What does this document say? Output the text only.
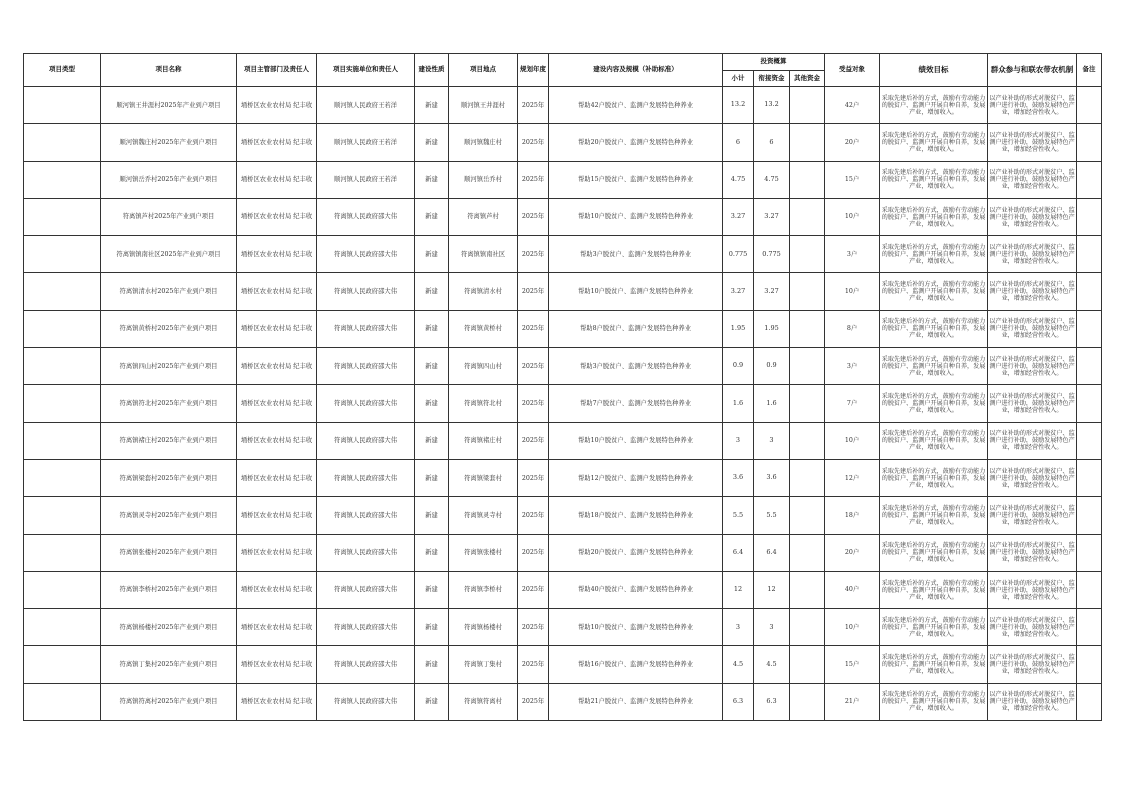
项目类型	项目名称	项目主管部门及责任人	项目实施单位和责任人	建设性质	项目地点	规划年度	建设内容及规模（补助标准）	投资概算			受益对象	绩效目标	群众参与和联农带农机制	备注
								小计	衔接资金	其他资金				
	顺河镇王井涯村2025年产业到户项目	埇桥区农业农村局 纪丰收	顺河镇人民政府王若洋	新建	顺河镇王井涯村	2025年	帮助42户脱贫户、监测户发展特色种养业	13.2	13.2		42户	采取先建后补的方式，鼓励有劳动能力的脱贫户、监测户开展自种自养，发展产业，增加收入。	以产业补助的形式对脱贫户、监测户进行补助，鼓励发展特色产业，增加经营性收入。	
	顺河镇魏庄村2025年产业到户项目	埇桥区农业农村局 纪丰收	顺河镇人民政府王若洋	新建	顺河镇魏庄村	2025年	帮助20户脱贫户、监测户发展特色种养业	6	6		20户	采取先建后补的方式，鼓励有劳动能力的脱贫户、监测户开展自种自养，发展产业，增加收入。	以产业补助的形式对脱贫户、监测户进行补助，鼓励发展特色产业，增加经营性收入。	
	顺河镇岳乔村2025年产业到户项目	埇桥区农业农村局 纪丰收	顺河镇人民政府王若洋	新建	顺河镇岳乔村	2025年	帮助15户脱贫户、监测户发展特色种养业	4.75	4.75		15户	采取先建后补的方式，鼓励有劳动能力的脱贫户、监测户开展自种自养，发展产业，增加收入。	以产业补助的形式对脱贫户、监测户进行补助，鼓励发展特色产业，增加经营性收入。	
	符离镇芦村2025年产业到户项目	埇桥区农业农村局 纪丰收	符离镇人民政府邵大伟	新建	符离镇芦村	2025年	帮助10户脱贫户、监测户发展特色种养业	3.27	3.27		10户	采取先建后补的方式，鼓励有劳动能力的脱贫户、监测户开展自种自养，发展产业，增加收入。	以产业补助的形式对脱贫户、监测户进行补助，鼓励发展特色产业，增加经营性收入。	
	符离镇镇南社区2025年产业到户项目	埇桥区农业农村局 纪丰收	符离镇人民政府邵大伟	新建	符离镇镇南社区	2025年	帮助3户脱贫户、监测户发展特色种养业	0.775	0.775		3户	采取先建后补的方式，鼓励有劳动能力的脱贫户、监测户开展自种自养，发展产业，增加收入。	以产业补助的形式对脱贫户、监测户进行补助，鼓励发展特色产业，增加经营性收入。	
	符离镇清水村2025年产业到户项目	埇桥区农业农村局 纪丰收	符离镇人民政府邵大伟	新建	符离镇清水村	2025年	帮助10户脱贫户、监测户发展特色种养业	3.27	3.27		10户	采取先建后补的方式，鼓励有劳动能力的脱贫户、监测户开展自种自养，发展产业，增加收入。	以产业补助的形式对脱贫户、监测户进行补助，鼓励发展特色产业，增加经营性收入。	
	符离镇黄桥村2025年产业到户项目	埇桥区农业农村局 纪丰收	符离镇人民政府邵大伟	新建	符离镇黄桥村	2025年	帮助8户脱贫户、监测户发展特色种养业	1.95	1.95		8户	采取先建后补的方式，鼓励有劳动能力的脱贫户、监测户开展自种自养，发展产业，增加收入。	以产业补助的形式对脱贫户、监测户进行补助，鼓励发展特色产业，增加经营性收入。	
	符离镇四山村2025年产业到户项目	埇桥区农业农村局 纪丰收	符离镇人民政府邵大伟	新建	符离镇四山村	2025年	帮助3户脱贫户、监测户发展特色种养业	0.9	0.9		3户	采取先建后补的方式，鼓励有劳动能力的脱贫户、监测户开展自种自养，发展产业，增加收入。	以产业补助的形式对脱贫户、监测户进行补助，鼓励发展特色产业，增加经营性收入。	
	符离镇符北村2025年产业到户项目	埇桥区农业农村局 纪丰收	符离镇人民政府邵大伟	新建	符离镇符北村	2025年	帮助7户脱贫户、监测户发展特色种养业	1.6	1.6		7户	采取先建后补的方式，鼓励有劳动能力的脱贫户、监测户开展自种自养，发展产业，增加收入。	以产业补助的形式对脱贫户、监测户进行补助，鼓励发展特色产业，增加经营性收入。	
	符离镇褚庄村2025年产业到户项目	埇桥区农业农村局 纪丰收	符离镇人民政府邵大伟	新建	符离镇褚庄村	2025年	帮助10户脱贫户、监测户发展特色种养业	3	3		10户	采取先建后补的方式，鼓励有劳动能力的脱贫户、监测户开展自种自养，发展产业，增加收入。	以产业补助的形式对脱贫户、监测户进行补助，鼓励发展特色产业，增加经营性收入。	
	符离镇梁套村2025年产业到户项目	埇桥区农业农村局 纪丰收	符离镇人民政府邵大伟	新建	符离镇梁套村	2025年	帮助12户脱贫户、监测户发展特色种养业	3.6	3.6		12户	采取先建后补的方式，鼓励有劳动能力的脱贫户、监测户开展自种自养，发展产业，增加收入。	以产业补助的形式对脱贫户、监测户进行补助，鼓励发展特色产业，增加经营性收入。	
	符离镇灵寺村2025年产业到户项目	埇桥区农业农村局 纪丰收	符离镇人民政府邵大伟	新建	符离镇灵寺村	2025年	帮助18户脱贫户、监测户发展特色种养业	5.5	5.5		18户	采取先建后补的方式，鼓励有劳动能力的脱贫户、监测户开展自种自养，发展产业，增加收入。	以产业补助的形式对脱贫户、监测户进行补助，鼓励发展特色产业，增加经营性收入。	
	符离镇张楼村2025年产业到户项目	埇桥区农业农村局 纪丰收	符离镇人民政府邵大伟	新建	符离镇张楼村	2025年	帮助20户脱贫户、监测户发展特色种养业	6.4	6.4		20户	采取先建后补的方式，鼓励有劳动能力的脱贫户、监测户开展自种自养，发展产业，增加收入。	以产业补助的形式对脱贫户、监测户进行补助，鼓励发展特色产业，增加经营性收入。	
	符离镇李桥村2025年产业到户项目	埇桥区农业农村局 纪丰收	符离镇人民政府邵大伟	新建	符离镇李桥村	2025年	帮助40户脱贫户、监测户发展特色种养业	12	12		40户	采取先建后补的方式，鼓励有劳动能力的脱贫户、监测户开展自种自养，发展产业，增加收入。	以产业补助的形式对脱贫户、监测户进行补助，鼓励发展特色产业，增加经营性收入。	
	符离镇杨楼村2025年产业到户项目	埇桥区农业农村局 纪丰收	符离镇人民政府邵大伟	新建	符离镇杨楼村	2025年	帮助10户脱贫户、监测户发展特色种养业	3	3		10户	采取先建后补的方式，鼓励有劳动能力的脱贫户、监测户开展自种自养，发展产业，增加收入。	以产业补助的形式对脱贫户、监测户进行补助，鼓励发展特色产业，增加经营性收入。	
	符离镇丁集村2025年产业到户项目	埇桥区农业农村局 纪丰收	符离镇人民政府邵大伟	新建	符离镇丁集村	2025年	帮助16户脱贫户、监测户发展特色种养业	4.5	4.5		15户	采取先建后补的方式，鼓励有劳动能力的脱贫户、监测户开展自种自养，发展产业，增加收入。	以产业补助的形式对脱贫户、监测户进行补助，鼓励发展特色产业，增加经营性收入。	
	符离镇符离村2025年产业到户项目	埇桥区农业农村局 纪丰收	符离镇人民政府邵大伟	新建	符离镇符离村	2025年	帮助21户脱贫户、监测户发展特色种养业	6.3	6.3		21户	采取先建后补的方式，鼓励有劳动能力的脱贫户、监测户开展自种自养，发展产业，增加收入。	以产业补助的形式对脱贫户、监测户进行补助，鼓励发展特色产业，增加经营性收入。	
